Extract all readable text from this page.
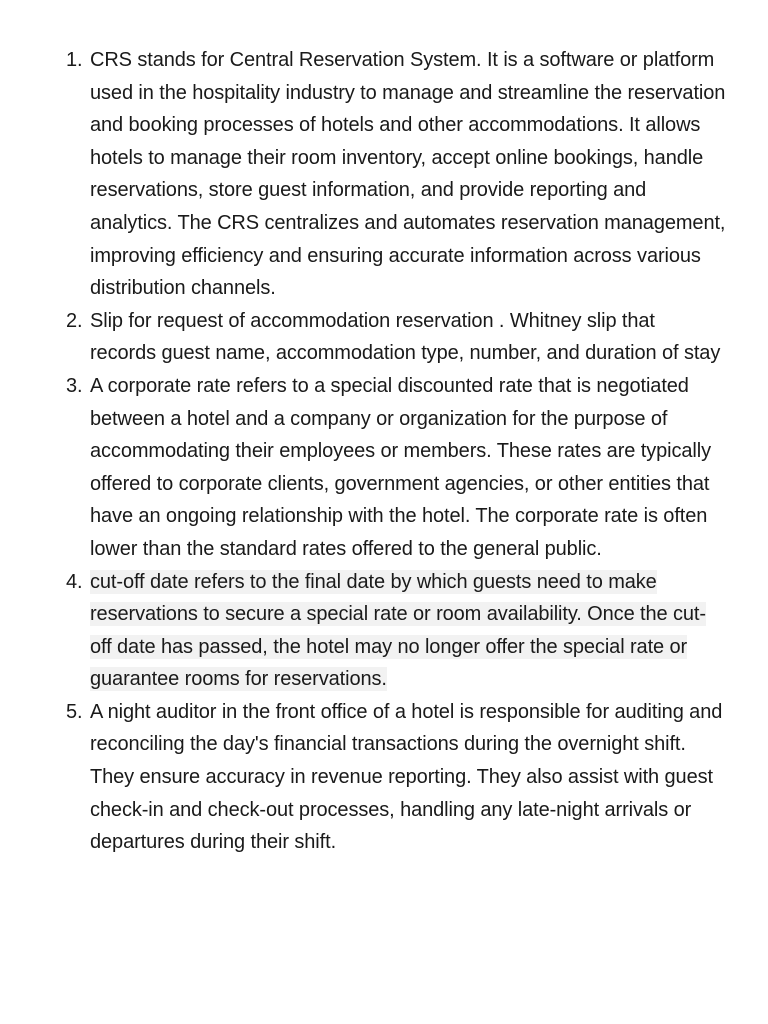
1. CRS stands for Central Reservation System. It is a software or platform used in the hospitality industry to manage and streamline the reservation and booking processes of hotels and other accommodations. It allows hotels to manage their room inventory, accept online bookings, handle reservations, store guest information, and provide reporting and analytics. The CRS centralizes and automates reservation management, improving efficiency and ensuring accurate information across various distribution channels.
2. Slip for request of accommodation reservation . Whitney slip that records guest name, accommodation type, number, and duration of stay
3. A corporate rate refers to a special discounted rate that is negotiated between a hotel and a company or organization for the purpose of accommodating their employees or members. These rates are typically offered to corporate clients, government agencies, or other entities that have an ongoing relationship with the hotel. The corporate rate is often lower than the standard rates offered to the general public.
4. cut-off date refers to the final date by which guests need to make reservations to secure a special rate or room availability. Once the cut-off date has passed, the hotel may no longer offer the special rate or guarantee rooms for reservations.
5. A night auditor in the front office of a hotel is responsible for auditing and reconciling the day's financial transactions during the overnight shift. They ensure accuracy in revenue reporting. They also assist with guest check-in and check-out processes, handling any late-night arrivals or departures during their shift.
